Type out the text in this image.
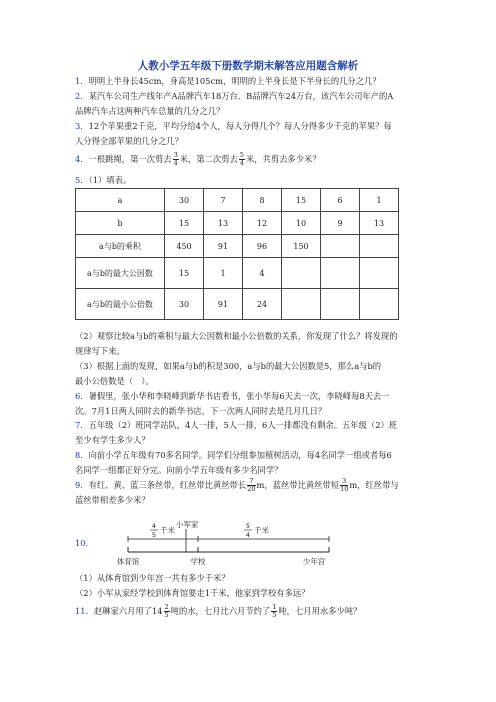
人教小学五年级下册数学期末解答应用题含解析
1．明明上半身长45cm，身高是105cm，明明的上半身长是下半身长的几分之几？
2．某汽车公司生产线年产A品牌汽车18万台、B品牌汽车24万台，该汽车公司年产的A
品牌汽车占这两种汽车总量的几分之几？
3．12个苹果重2千克，平均分给4个人，每人分得几个？每人分得多少千克的苹果？每
人分得全部苹果的几分之几？
4．一根跳绳，第一次剪去 $\frac{3}{4}$ 米，第二次剪去 $\frac{5}{4}$ 米，共剪去多少米？
5．（1）填表。
a	30	7	8	15	6	1
b	15	13	12	10	9	13
a与b的乘积	450	91	96	150		
a与b的最大公因数	15	1	4			
a与b的最小公倍数	30	91	24			
（2）观察比较a与b的乘积与最大公因数和最小公倍数的关系，你发现了什么？将发现的
规律写下来。
（3）根据上面的发现，如果a与b的积是300，a与b的最大公因数是5，那么a与b的
最小公倍数是（　）。
6．暑假里，张小华和李晓峰到新华书店看书，张小华每6天去一次，李晓峰每8天去一
次。7月1日两人同时去的新华书店，下一次两人同时去是几月几日？
7．五年级（2）班同学站队，4人一排，5人一排，6人一排都没有剩余。五年级（2）班
至少有学生多少人？
8．向前小学五年级有70多名同学。同学们分组参加植树活动，每4名同学一组或者每6
名同学一组都正好分完。向前小学五年级有多少名同学？
9．有红、黄、蓝三条丝带，红丝带比黄丝带长 $\frac{7}{20}$ m，蓝丝带比黄丝带短 $\frac{3}{10}$ m，红丝带与
蓝丝带相差多少米？
10．
小军家
4
5 千米	5
4 千米
体育馆	学校	少年宫
（1）从体育馆到少年宫一共有多少千米？
（2）小军从家经学校到体育馆要走1千米，他家到学校有多远？
11．赵琳家六月用了$14 \frac{2}{5}$ 吨的水，七月比六月节约了 $\frac{1}{5}$ 吨，七月用水多少吨？
